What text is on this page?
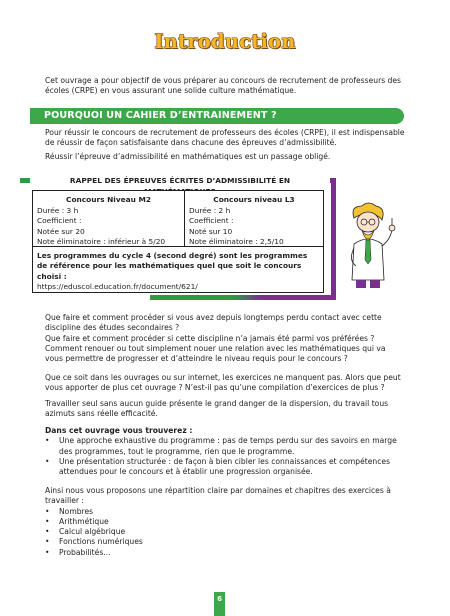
Introduction
Cet ouvrage a pour objectif de vous préparer au concours de recrutement de professeurs des écoles (CRPE) en vous assurant une solide culture mathématique.
POURQUOI UN CAHIER D’ENTRAINEMENT ?
Pour réussir le concours de recrutement de professeurs des écoles (CRPE), il est indispensable de réussir de façon satisfaisante dans chacune des épreuves d’admissibilité.
Réussir l’épreuve d’admissibilité en mathématiques est un passage obligé.
RAPPEL DES ÉPREUVES ÉCRITES D’ADMISSIBILITÉ EN
Concours Niveau M2
Durée : 3 h
Coefficient :
Notée sur 20
Note éliminatoire : inférieur à 5/20
Concours niveau L3
Durée : 2 h
Coefficient :
Noté sur 10
Note éliminatoire : 2,5/10
Les programmes du cycle 4 (second degré) sont les programmes de référence pour les mathématiques quel que soit le concours choisi :
https://eduscol.education.fr/document/621/
Que faire et comment procéder si vous avez depuis longtemps perdu contact avec cette discipline des études secondaires ?
Que faire et comment procéder si cette discipline n’a jamais été parmi vos préférées ?
Comment renouer ou tout simplement nouer une relation avec les mathématiques qui va vous permettre de progresser et d’atteindre le niveau requis pour le concours ?
Que ce soit dans les ouvrages ou sur internet, les exercices ne manquent pas. Alors que peut vous apporter de plus cet ouvrage ? N’est-il pas qu’une compilation d’exercices de plus ?
Travailler seul sans aucun guide présente le grand danger de la dispersion, du travail tous azimuts sans réelle efficacité.
Dans cet ouvrage vous trouverez :
• Une approche exhaustive du programme : pas de temps perdu sur des savoirs en marge des programmes, tout le programme, rien que le programme.
• Une présentation structurée : de façon à bien cibler les connaissances et compétences attendues pour le concours et à établir une progression organisée.
Ainsi nous vous proposons une répartition claire par domaines et chapitres des exercices à travailler :
• Nombres
• Arithmétique
• Calcul algébrique
• Fonctions numériques
• Probabilités...
6
